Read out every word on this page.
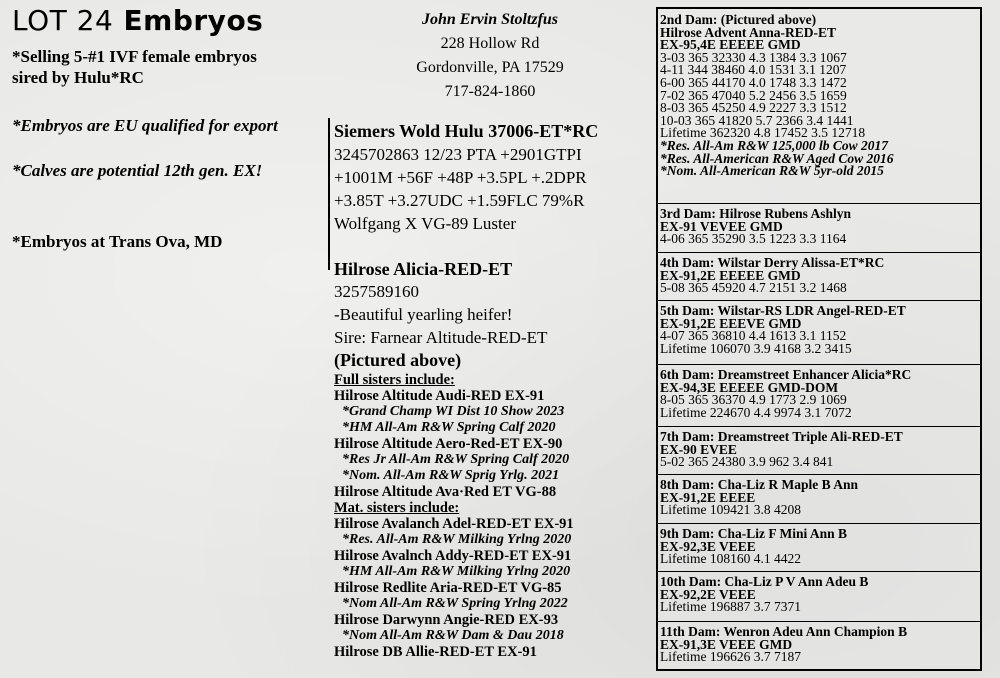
LOT 24 Embryos
*Selling 5-#1 IVF female embryos
sired by Hulu*RC
*Embryos are EU qualified for export
*Calves are potential 12th gen. EX!
*Embryos at Trans Ova, MD
John Ervin Stoltzfus
228 Hollow Rd
Gordonville, PA 17529
717-824-1860
Siemers Wold Hulu 37006-ET*RC
3245702863 12/23 PTA +2901GTPI
+1001M +56F +48P +3.5PL +.2DPR
+3.85T +3.27UDC +1.59FLC 79%R
Wolfgang X VG-89 Luster
Hilrose Alicia-RED-ET
3257589160
-Beautiful yearling heifer!
Sire: Farnear Altitude-RED-ET
(Pictured above)
Full sisters include:
Hilrose Altitude Audi-RED EX-91
*Grand Champ WI Dist 10 Show 2023
*HM All-Am R&W Spring Calf 2020
Hilrose Altitude Aero-Red-ET EX-90
*Res Jr All-Am R&W Spring Calf 2020
*Nom. All-Am R&W Sprig Yrlg. 2021
Hilrose Altitude Ava·Red ET VG-88
Mat. sisters include:
Hilrose Avalanch Adel-RED-ET EX-91
*Res. All-Am R&W Milking Yrlng 2020
Hilrose Avalnch Addy-RED-ET EX-91
*HM All-Am R&W Milking Yrlng 2020
Hilrose Redlite Aria-RED-ET VG-85
*Nom All-Am R&W Spring Yrlng 2022
Hilrose Darwynn Angie-RED EX-93
*Nom All-Am R&W Dam & Dau 2018
Hilrose DB Allie-RED-ET EX-91
2nd Dam: (Pictured above)
Hilrose Advent Anna-RED-ET
EX-95,4E EEEEE GMD
3-03 365 32330 4.3 1384 3.3 1067
4-11 344 38460 4.0 1531 3.1 1207
6-00 365 44170 4.0 1748 3.3 1472
7-02 365 47040 5.2 2456 3.5 1659
8-03 365 45250 4.9 2227 3.3 1512
10-03 365 41820 5.7 2366 3.4 1441
Lifetime 362320 4.8 17452 3.5 12718
*Res. All-Am R&W 125,000 lb Cow 2017
*Res. All-American R&W Aged Cow 2016
*Nom. All-American R&W 5yr-old 2015
3rd Dam: Hilrose Rubens Ashlyn
EX-91 VEVEE GMD
4-06 365 35290 3.5 1223 3.3 1164
4th Dam: Wilstar Derry Alissa-ET*RC
EX-91,2E EEEEE GMD
5-08 365 45920 4.7 2151 3.2 1468
5th Dam: Wilstar-RS LDR Angel-RED-ET
EX-91,2E EEEVE GMD
4-07 365 36810 4.4 1613 3.1 1152
Lifetime 106070 3.9 4168 3.2 3415
6th Dam: Dreamstreet Enhancer Alicia*RC
EX-94,3E EEEEE GMD-DOM
8-05 365 36370 4.9 1773 2.9 1069
Lifetime 224670 4.4 9974 3.1 7072
7th Dam: Dreamstreet Triple Ali-RED-ET
EX-90 EVEE
5-02 365 24380 3.9 962 3.4 841
8th Dam: Cha-Liz R Maple B Ann
EX-91,2E EEEE
Lifetime 109421 3.8 4208
9th Dam: Cha-Liz F Mini Ann B
EX-92,3E VEEE
Lifetime 108160 4.1 4422
10th Dam: Cha-Liz P V Ann Adeu B
EX-92,2E VEEE
Lifetime 196887 3.7 7371
11th Dam: Wenron Adeu Ann Champion B
EX-91,3E VEEE GMD
Lifetime 196626 3.7 7187
